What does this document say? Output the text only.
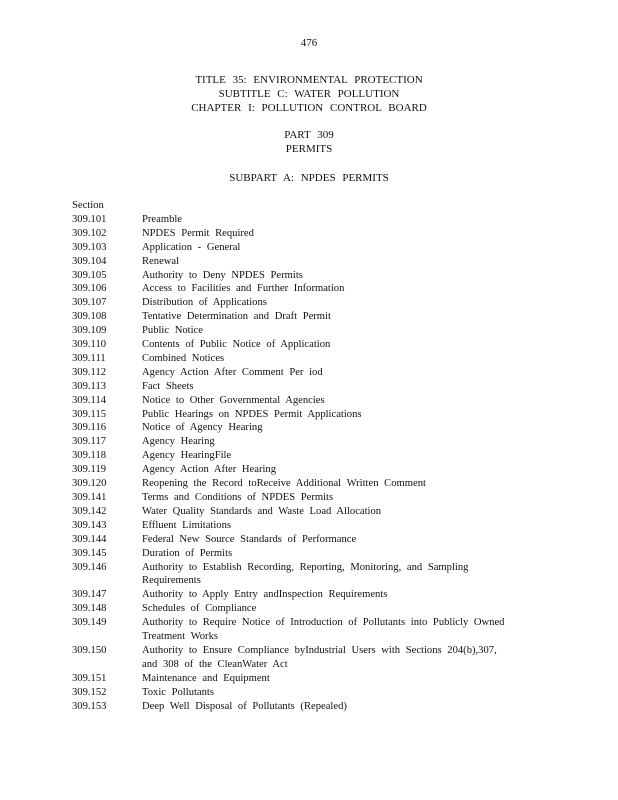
476
TITLE 35: ENVIRONMENTAL PROTECTION
SUBTITLE C: WATER POLLUTION
CHAPTER I: POLLUTION CONTROL BOARD
PART 309
PERMITS
SUBPART A: NPDES PERMITS
Section
309.101	Preamble
309.102	NPDES Permit Required
309.103	Application - General
309.104	Renewal
309.105	Authority to Deny NPDES Permits
309.106	Access to Facilities and Further Information
309.107	Distribution of Applications
309.108	Tentative Determination and Draft Permit
309.109	Public Notice
309.110	Contents of Public Notice of Application
309.111	Combined Notices
309.112	Agency Action After Comment Per iod
309.113	Fact Sheets
309.114	Notice to Other Governmental Agencies
309.115	Public Hearings on NPDES Permit Applications
309.116	Notice of Agency Hearing
309.117	Agency Hearing
309.118	Agency HearingFile
309.119	Agency Action After Hearing
309.120	Reopening the Record toReceive Additional Written Comment
309.141	Terms and Conditions of NPDES Permits
309.142	Water Quality Standards and Waste Load Allocation
309.143	Effluent Limitations
309.144	Federal New Source Standards of Performance
309.145	Duration of Permits
309.146	Authority to Establish Recording, Reporting, Monitoring, and Sampling
Requirements
309.147	Authority to Apply Entry andInspection Requirements
309.148	Schedules of Compliance
309.149	Authority to Require Notice of Introduction of Pollutants into Publicly Owned
Treatment Works
309.150	Authority to Ensure Compliance byIndustrial Users with Sections 204(b),307,
and 308 of the CleanWater Act
309.151	Maintenance and Equipment
309.152	Toxic Pollutants
309.153	Deep Well Disposal of Pollutants (Repealed)
